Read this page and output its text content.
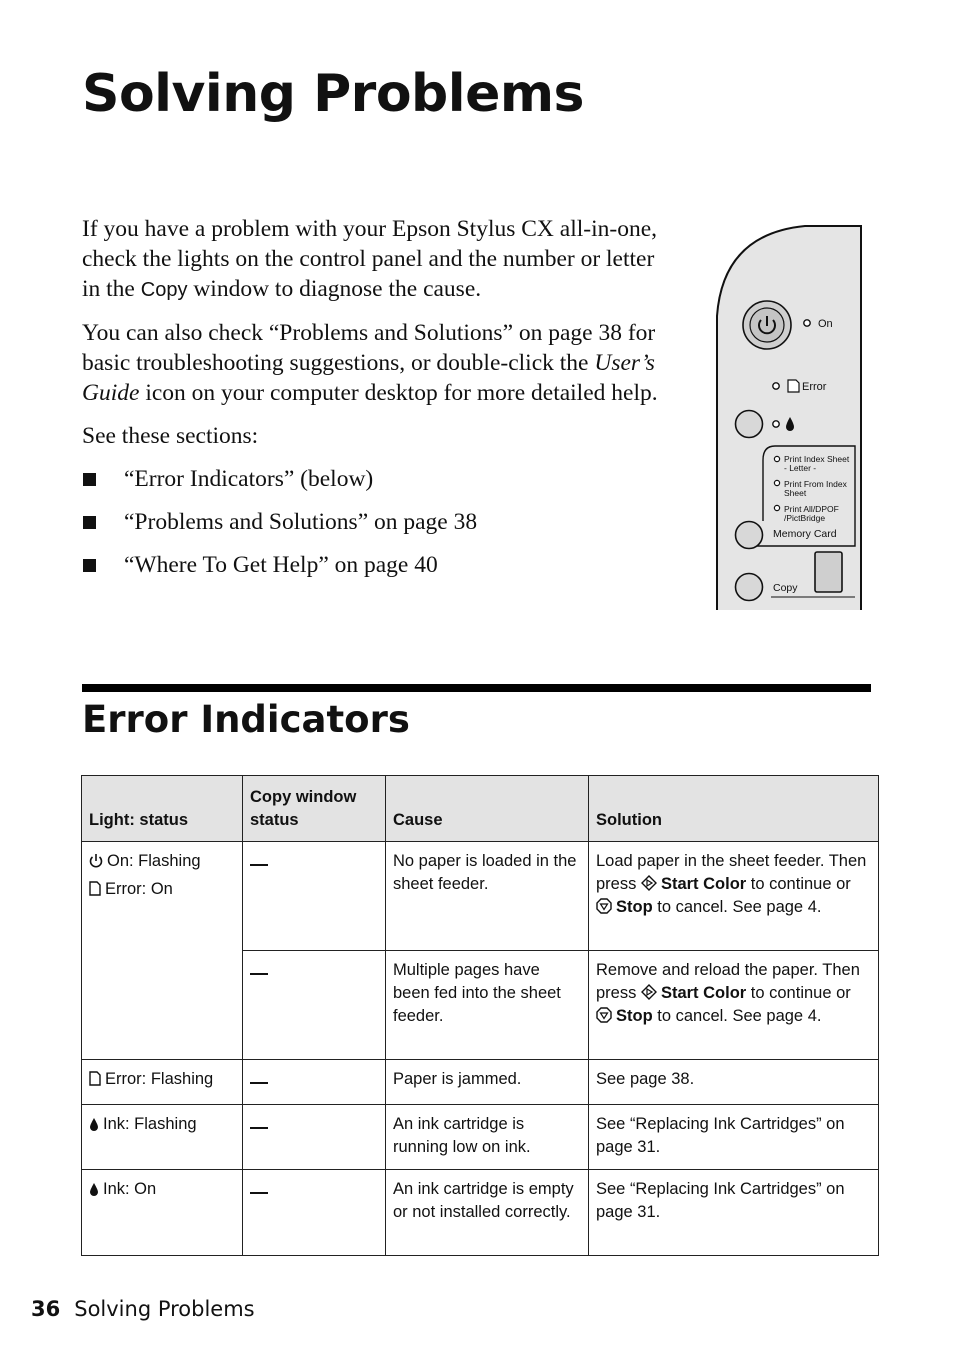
Solving Problems

If you have a problem with your Epson Stylus CX all-in-one, check the lights on the control panel and the number or letter in the Copy window to diagnose the cause.

You can also check “Problems and Solutions” on page 38 for basic troubleshooting suggestions, or double-click the User’s Guide icon on your computer desktop for more detailed help.

See these sections:

“Error Indicators” (below)
“Problems and Solutions” on page 38
“Where To Get Help” on page 40
On
Error
Print Index Sheet
- Letter -
Print From Index
Sheet
Print All/DPOF
/PictBridge
Memory Card
Copy
Error Indicators
Light: status	Copy window status	Cause	Solution

On: Flashing
Error: On		No paper is loaded in the sheet feeder.	Load paper in the sheet feeder. Then press Start Color to continue or Stop to cancel. See page 4.
		Multiple pages have been fed into the sheet feeder.	Remove and reload the paper. Then press Start Color to continue or Stop to cancel. See page 4.
Error: Flashing		Paper is jammed.	See page 38.
Ink: Flashing		An ink cartridge is running low on ink.	See “Replacing Ink Cartridges” on page 31.
Ink: On		An ink cartridge is empty or not installed correctly.	See “Replacing Ink Cartridges” on page 31.
36 Solving Problems
